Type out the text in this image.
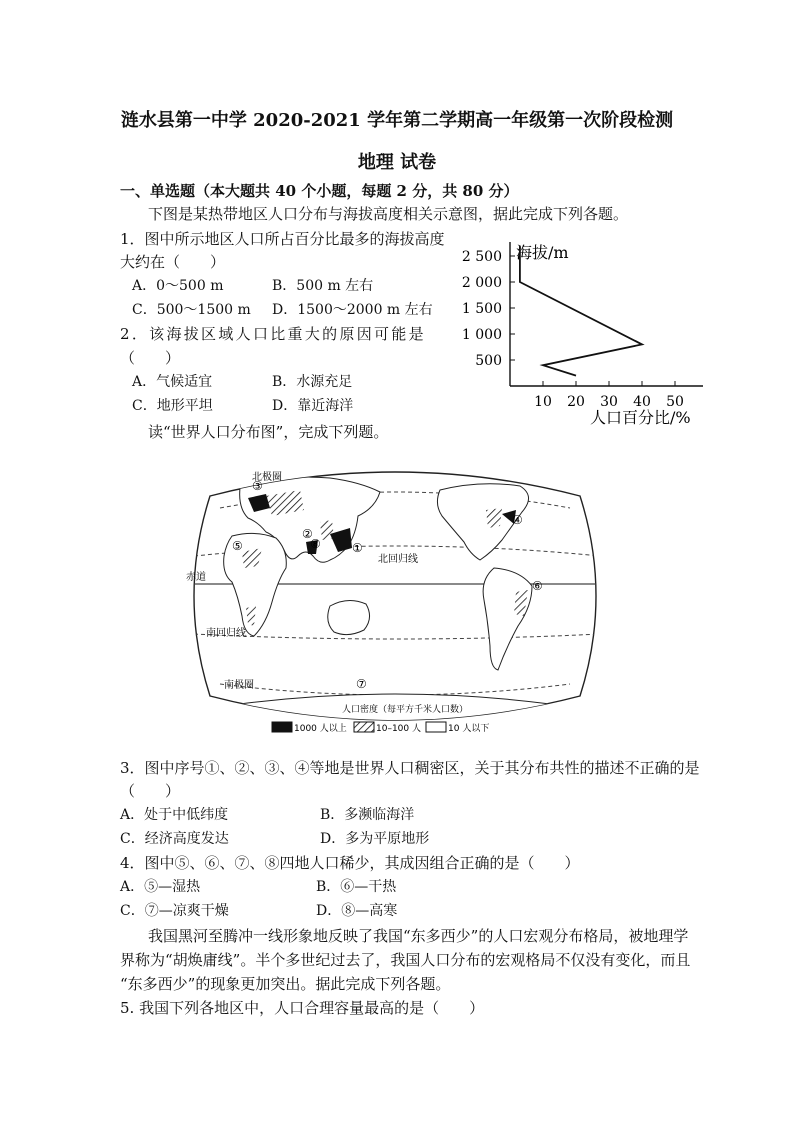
涟水县第一中学 2020-2021 学年第二学期高一年级第一次阶段检测
地理 试卷
一、单选题（本大题共 40 个小题，每题 2 分，共 80 分）
下图是某热带地区人口分布与海拔高度相关示意图，据此完成下列各题。
1．图中所示地区人口所占百分比最多的海拔高度
大约在（　　）
A．0～500 m	B．500 m 左右
C．500～1500 m D．1500～2000 m 左右
2．该海拔区域人口比重大的原因可能是
（　　）
A．气候适宜	B．水源充足
C．地形平坦	D．靠近海洋
读“世界人口分布图”，完成下列题。
海拔/m
人口百分比/%
10 20 30 40 50
500
1 000
1 500
2 000
2 500
北极圈
北回归线
赤道
南回归线
南极圈
①
②
③
④
⑤
⑥
⑦
⑧
人口密度（每平方千米人口数）
1000 人以上	10–100 人	10 人以下
3．图中序号①、②、③、④等地是世界人口稠密区，关于其分布共性的描述不正确的是
（　　）
A．处于中低纬度	B．多濒临海洋
C．经济高度发达	D．多为平原地形
4．图中⑤、⑥、⑦、⑧四地人口稀少，其成因组合正确的是（　　）
A．⑤—湿热	B．⑥—干热
C．⑦—凉爽干燥	D．⑧—高寒
我国黑河至腾冲一线形象地反映了我国“东多西少”的人口宏观分布格局，被地理学
界称为“胡焕庸线”。半个多世纪过去了，我国人口分布的宏观格局不仅没有变化，而且
“东多西少”的现象更加突出。据此完成下列各题。
5. 我国下列各地区中，人口合理容量最高的是（　　）
